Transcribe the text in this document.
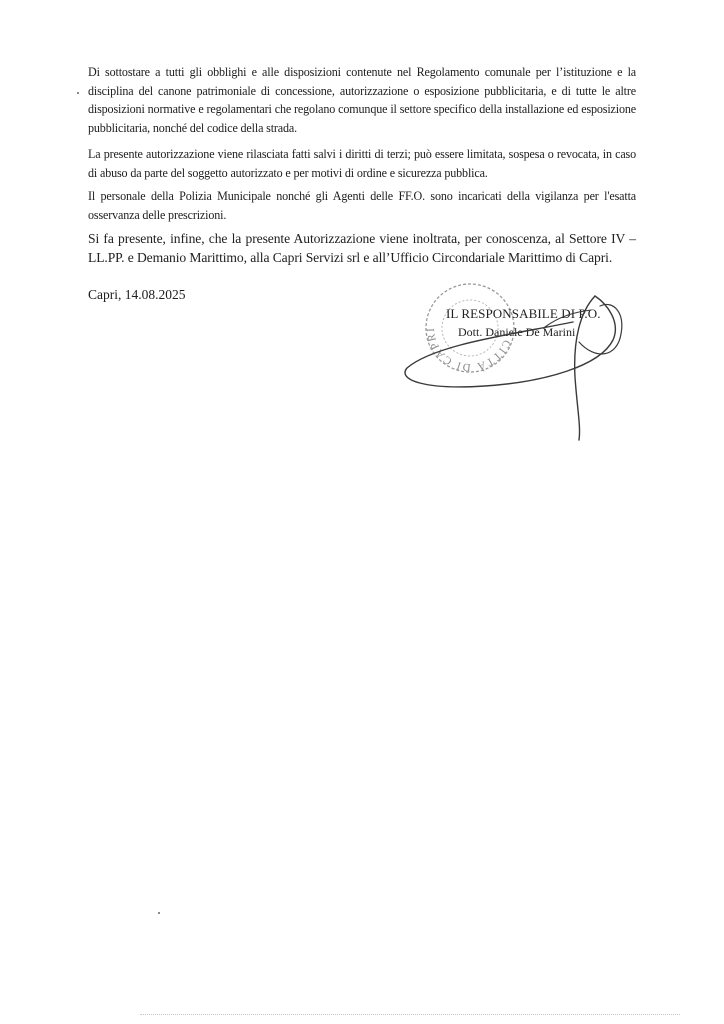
Di sottostare a tutti gli obblighi e alle disposizioni contenute nel Regolamento comunale per l’istituzione e la disciplina del canone patrimoniale di concessione, autorizzazione o esposizione pubblicitaria, e di tutte le altre disposizioni normative e regolamentari che regolano comunque il settore specifico della installazione ed esposizione pubblicitaria, nonché del codice della strada.

La presente autorizzazione viene rilasciata fatti salvi i diritti di terzi; può essere limitata, sospesa o revocata, in caso di abuso da parte del soggetto autorizzato e per motivi di ordine e sicurezza pubblica.

Il personale della Polizia Municipale nonché gli Agenti delle FF.O. sono incaricati della vigilanza per l'esatta osservanza delle prescrizioni.

Si fa presente, infine, che la presente Autorizzazione viene inoltrata, per conoscenza, al Settore IV – LL.PP. e Demanio Marittimo, alla Capri Servizi srl e all’Ufficio Circondariale Marittimo di Capri.

Capri, 14.08.2025

CITTÀ DI CAPRI
IL RESPONSABILE DI P.O.
Dott. Daniele De Marini
